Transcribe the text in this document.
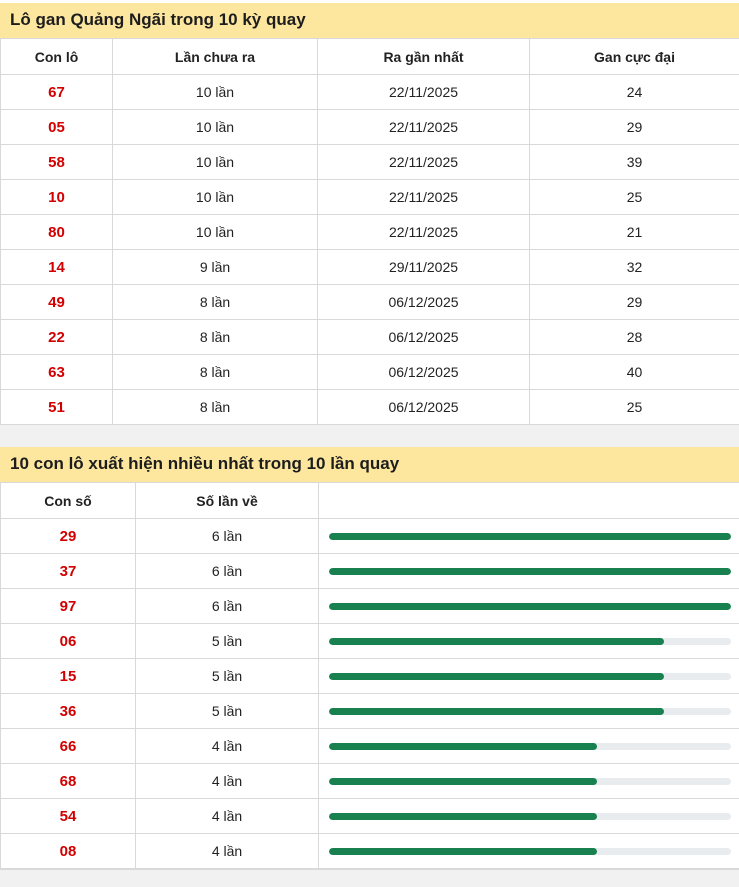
Lô gan Quảng Ngãi trong 10 kỳ quay
Con lô	Lần chưa ra	Ra gần nhất	Gan cực đại
67	10 lần	22/11/2025	24
05	10 lần	22/11/2025	29
58	10 lần	22/11/2025	39
10	10 lần	22/11/2025	25
80	10 lần	22/11/2025	21
14	9 lần	29/11/2025	32
49	8 lần	06/12/2025	29
22	8 lần	06/12/2025	28
63	8 lần	06/12/2025	40
51	8 lần	06/12/2025	25
10 con lô xuất hiện nhiều nhất trong 10 lần quay
Con số	Số lần về	
29	6 lần	

37	6 lần	

97	6 lần	

06	5 lần	

15	5 lần	

36	5 lần	

66	4 lần	

68	4 lần	

54	4 lần	

08	4 lần	
